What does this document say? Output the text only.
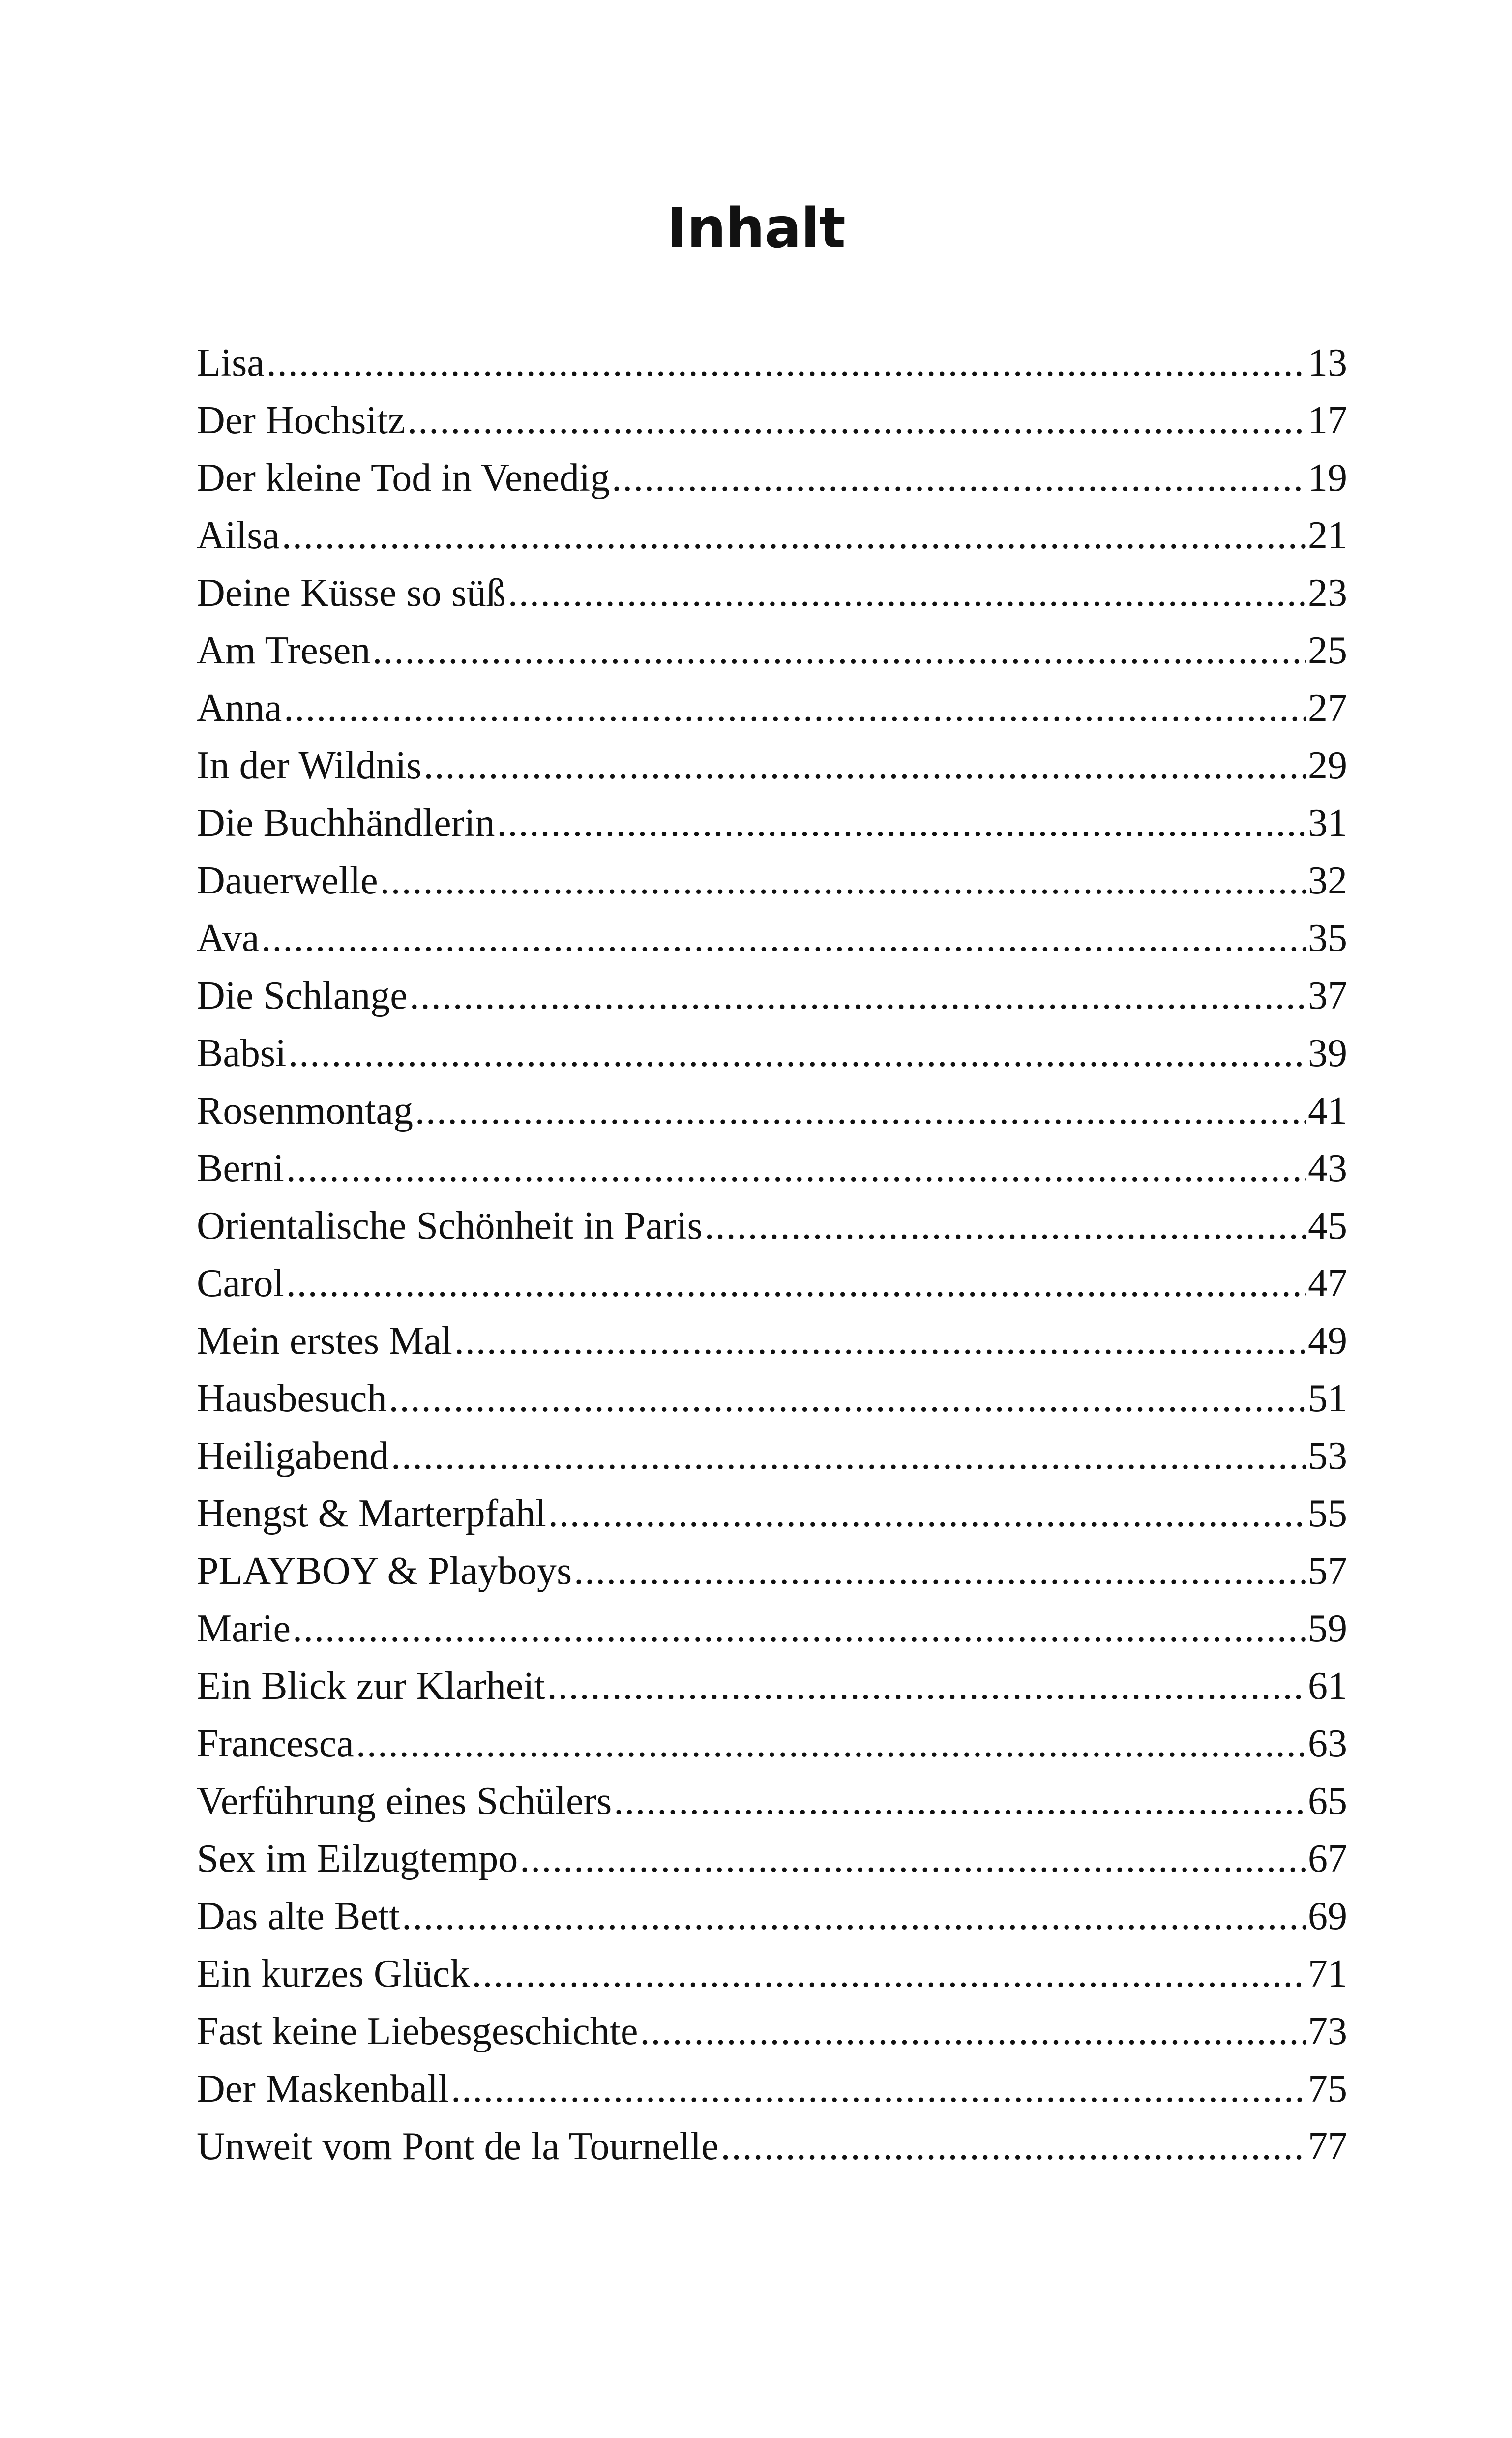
Inhalt
Lisa .....	13
Der Hochsitz .....	17
Der kleine Tod in Venedig .....	19
Ailsa .....	21
Deine Küsse so süß .....	23
Am Tresen .....	25
Anna .....	27
In der Wildnis .....	29
Die Buchhändlerin .....	31
Dauerwelle .....	32
Ava .....	35
Die Schlange .....	37
Babsi .....	39
Rosenmontag .....	41
Berni .....	43
Orientalische Schönheit in Paris .....	45
Carol .....	47
Mein erstes Mal .....	49
Hausbesuch .....	51
Heiligabend .....	53
Hengst & Marterpfahl .....	55
PLAYBOY & Playboys .....	57
Marie .....	59
Ein Blick zur Klarheit .....	61
Francesca .....	63
Verführung eines Schülers .....	65
Sex im Eilzugtempo .....	67
Das alte Bett .....	69
Ein kurzes Glück .....	71
Fast keine Liebesgeschichte .....	73
Der Maskenball .....	75
Unweit vom Pont de la Tournelle .....	77
